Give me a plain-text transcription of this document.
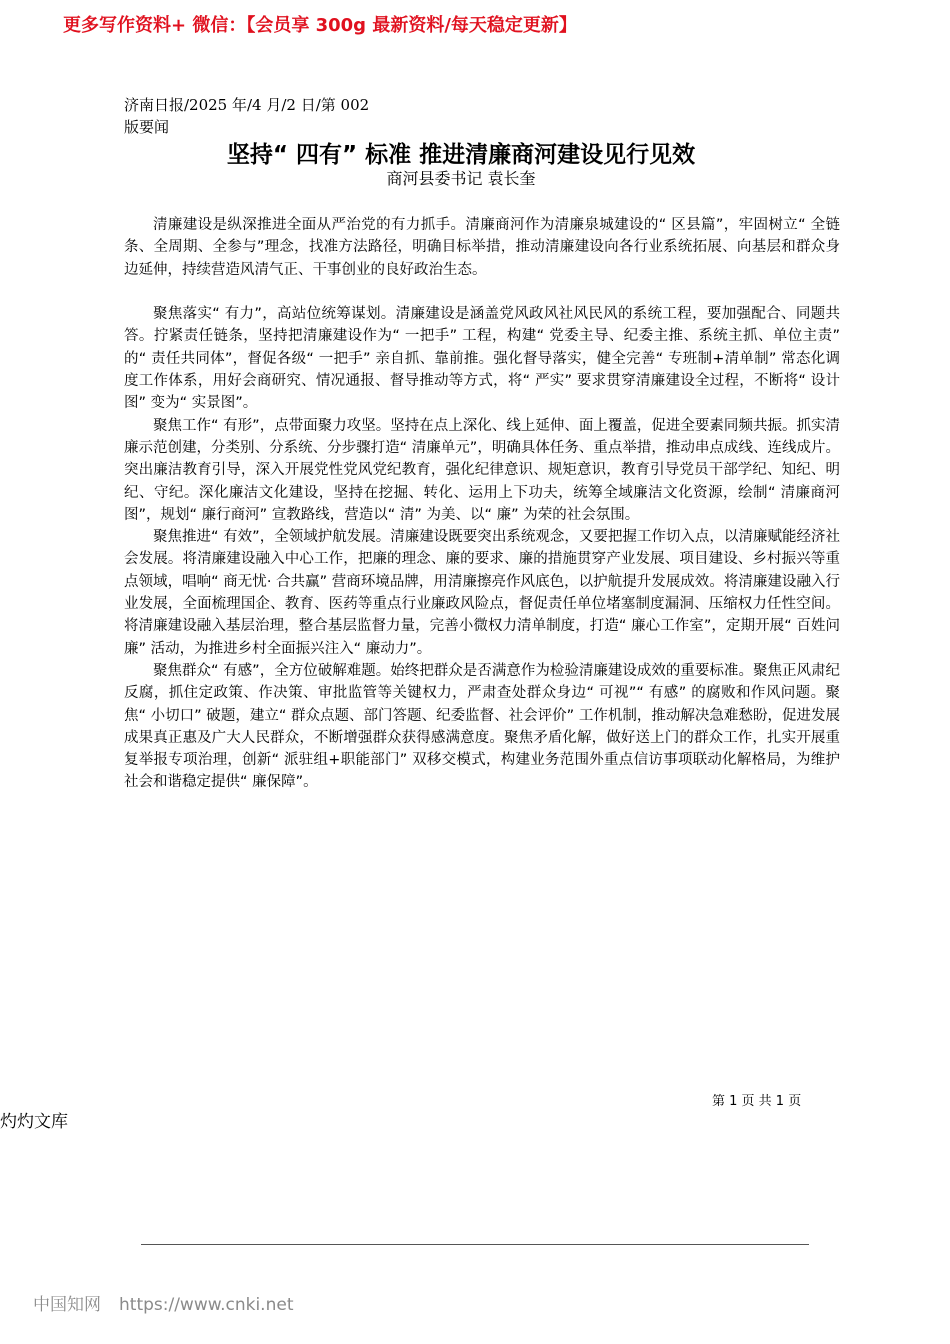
更多写作资料+ 微信：【会员享 300g 最新资料/每天稳定更新】
济南日报/2025 年/4 月/2 日/第 002
版要闻
坚持“ 四有” 标准 推进清廉商河建设见行见效
商河县委书记 袁长奎

清廉建设是纵深推进全面从严治党的有力抓手。清廉商河作为清廉泉城建设的“ 区县篇”，牢固树立“ 全链条、全周期、全参与”理念，找准方法路径，明确目标举措，推动清廉建设向各行业系统拓展、向基层和群众身边延伸，持续营造风清气正、干事创业的良好政治生态。

聚焦落实“ 有力”，高站位统筹谋划。清廉建设是涵盖党风政风社风民风的系统工程，要加强配合、同题共答。拧紧责任链条，坚持把清廉建设作为“ 一把手” 工程，构建“ 党委主导、纪委主推、系统主抓、单位主责” 的“ 责任共同体”，督促各级“ 一把手” 亲自抓、靠前推。强化督导落实，健全完善“ 专班制+清单制” 常态化调度工作体系，用好会商研究、情况通报、督导推动等方式，将“ 严实” 要求贯穿清廉建设全过程，不断将“ 设计图” 变为“ 实景图”。

聚焦工作“ 有形”，点带面聚力攻坚。坚持在点上深化、线上延伸、面上覆盖，促进全要素同频共振。抓实清廉示范创建，分类别、分系统、分步骤打造“ 清廉单元”，明确具体任务、重点举措，推动串点成线、连线成片。突出廉洁教育引导，深入开展党性党风党纪教育，强化纪律意识、规矩意识，教育引导党员干部学纪、知纪、明纪、守纪。深化廉洁文化建设，坚持在挖掘、转化、运用上下功夫，统筹全域廉洁文化资源，绘制“ 清廉商河图”，规划“ 廉行商河” 宣教路线，营造以“ 清” 为美、以“ 廉” 为荣的社会氛围。

聚焦推进“ 有效”，全领域护航发展。清廉建设既要突出系统观念，又要把握工作切入点，以清廉赋能经济社会发展。将清廉建设融入中心工作，把廉的理念、廉的要求、廉的措施贯穿产业发展、项目建设、乡村振兴等重点领域，唱响“ 商无忧· 合共赢” 营商环境品牌，用清廉擦亮作风底色，以护航提升发展成效。将清廉建设融入行业发展，全面梳理国企、教育、医药等重点行业廉政风险点，督促责任单位堵塞制度漏洞、压缩权力任性空间。将清廉建设融入基层治理，整合基层监督力量，完善小微权力清单制度，打造“ 廉心工作室”，定期开展“ 百姓问廉” 活动，为推进乡村全面振兴注入“ 廉动力”。

聚焦群众“ 有感”，全方位破解难题。始终把群众是否满意作为检验清廉建设成效的重要标准。聚焦正风肃纪反腐，抓住定政策、作决策、审批监管等关键权力，严肃查处群众身边“ 可视”“ 有感” 的腐败和作风问题。聚焦“ 小切口” 破题，建立“ 群众点题、部门答题、纪委监督、社会评价” 工作机制，推动解决急难愁盼，促进发展成果真正惠及广大人民群众，不断增强群众获得感满意度。聚焦矛盾化解，做好送上门的群众工作，扎实开展重复举报专项治理，创新“ 派驻组+职能部门” 双移交模式，构建业务范围外重点信访事项联动化解格局，为维护社会和谐稳定提供“ 廉保障”。

第 1 页 共 1 页
灼灼文库
中国知网 https://www.cnki.net
